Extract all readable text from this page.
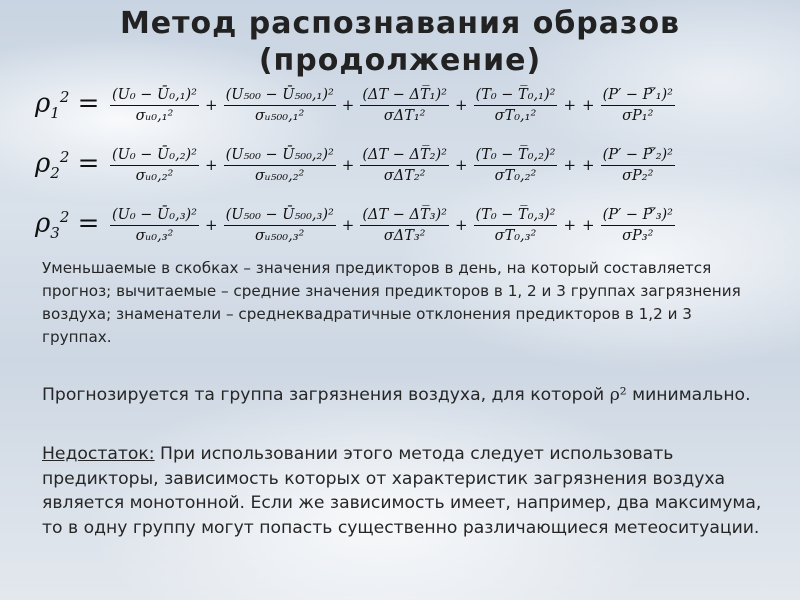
Метод распознавания образов
(продолжение)
$\rho_1^2 = \frac{\text{(U₀ − Ū₀,₁)²}}{\text{σᵤ₀,₁²}} + \frac{\text{(U₅₀₀ − Ū₅₀₀,₁)²}}{\text{σᵤ₅₀₀,₁²}} + \frac{\text{(ΔT − ΔT̅₁)²}}{\text{σΔT₁²}} + \frac{\text{(T₀ − T̅₀,₁)²}}{\text{σT₀,₁²}}$ + + $\frac{\text{(P′ − P′̅₁)²}}{\text{σP₁²}}$
$\rho_2^2 = \frac{\text{(U₀ − Ū₀,₂)²}}{\text{σᵤ₀,₂²}} + \frac{\text{(U₅₀₀ − Ū₅₀₀,₂)²}}{\text{σᵤ₅₀₀,₂²}} + \frac{\text{(ΔT − ΔT̅₂)²}}{\text{σΔT₂²}} + \frac{\text{(T₀ − T̅₀,₂)²}}{\text{σT₀,₂²}}$ + + $\frac{\text{(P′ − P′̅₂)²}}{\text{σP₂²}}$
$\rho_3^2 = \frac{\text{(U₀ − Ū₀,₃)²}}{\text{σᵤ₀,₃²}} + \frac{\text{(U₅₀₀ − Ū₅₀₀,₃)²}}{\text{σᵤ₅₀₀,₃²}} + \frac{\text{(ΔT − ΔT̅₃)²}}{\text{σΔT₃²}} + \frac{\text{(T₀ − T̅₀,₃)²}}{\text{σT₀,₃²}}$ + + $\frac{\text{(P′ − P′̅₃)²}}{\text{σP₃²}}$
Уменьшаемые в скобках – значения предикторов в день, на который составляется прогноз; вычитаемые – средние значения предикторов в 1, 2 и 3 группах загрязнения воздуха; знаменатели – среднеквадратичные отклонения предикторов в 1,2 и 3 группах.
Прогнозируется та группа загрязнения воздуха, для которой ρ² минимально.
Недостаток: При использовании этого метода следует использовать предикторы, зависимость которых от характеристик загрязнения воздуха является монотонной. Если же зависимость имеет, например, два максимума, то в одну группу могут попасть существенно различающиеся метеоситуации.
